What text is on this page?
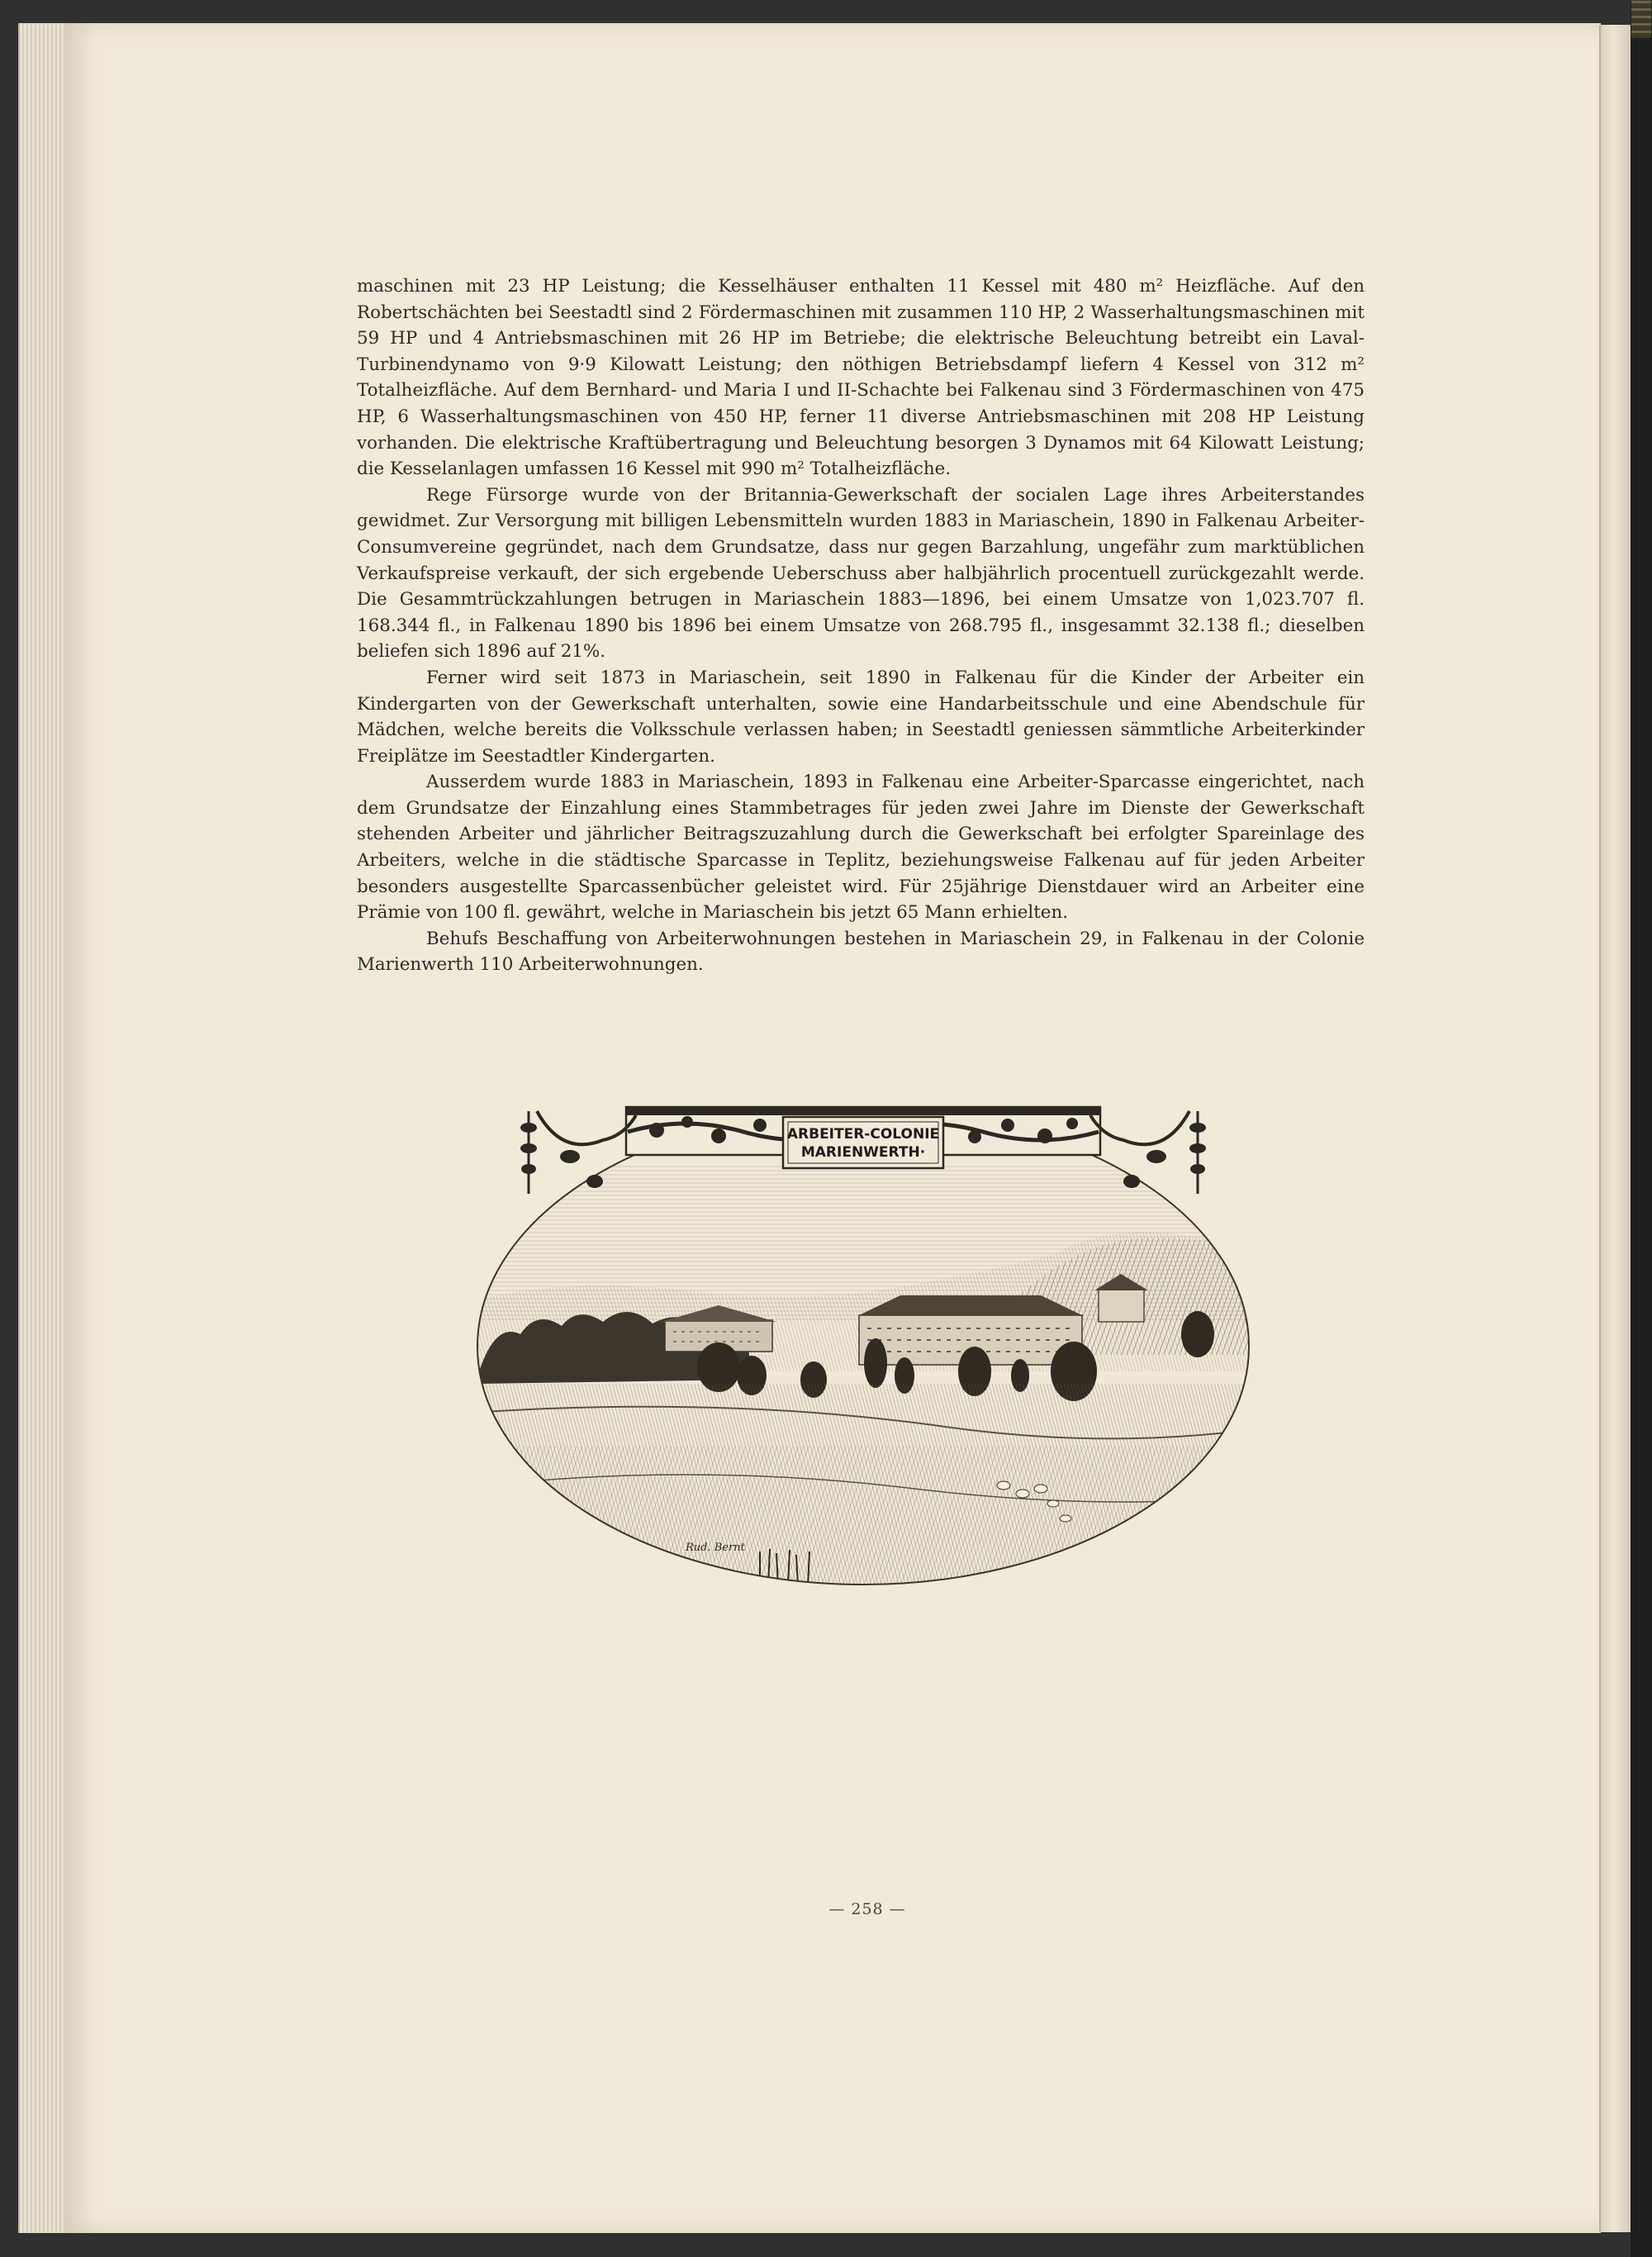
maschinen mit 23 HP Leistung; die Kesselhäuser enthalten 11 Kessel mit 480 m² Heizfläche. Auf den Robertschächten bei Seestadtl sind 2 Fördermaschinen mit zusammen 110 HP, 2 Wasserhaltungsmaschinen mit 59 HP und 4 Antriebsmaschinen mit 26 HP im Betriebe; die elektrische Beleuchtung betreibt ein Laval-Turbinendynamo von 9·9 Kilowatt Leistung; den nöthigen Betriebsdampf liefern 4 Kessel von 312 m² Totalheizfläche. Auf dem Bernhard- und Maria I und II-Schachte bei Falkenau sind 3 Fördermaschinen von 475 HP, 6 Wasserhaltungsmaschinen von 450 HP, ferner 11 diverse Antriebsmaschinen mit 208 HP Leistung vorhanden. Die elektrische Kraftübertragung und Beleuchtung besorgen 3 Dynamos mit 64 Kilowatt Leistung; die Kesselanlagen umfassen 16 Kessel mit 990 m² Totalheizfläche.

Rege Fürsorge wurde von der Britannia-Gewerkschaft der socialen Lage ihres Arbeiterstandes gewidmet. Zur Versorgung mit billigen Lebensmitteln wurden 1883 in Mariaschein, 1890 in Falkenau Arbeiter-Consumvereine gegründet, nach dem Grundsatze, dass nur gegen Barzahlung, ungefähr zum marktüblichen Verkaufspreise verkauft, der sich ergebende Ueberschuss aber halbjährlich procentuell zurückgezahlt werde. Die Gesammtrückzahlungen betrugen in Mariaschein 1883—1896, bei einem Umsatze von 1,023.707 fl. 168.344 fl., in Falkenau 1890 bis 1896 bei einem Umsatze von 268.795 fl., insgesammt 32.138 fl.; dieselben beliefen sich 1896 auf 21%.

Ferner wird seit 1873 in Mariaschein, seit 1890 in Falkenau für die Kinder der Arbeiter ein Kindergarten von der Gewerkschaft unterhalten, sowie eine Handarbeitsschule und eine Abendschule für Mädchen, welche bereits die Volksschule verlassen haben; in Seestadtl geniessen sämmtliche Arbeiterkinder Freiplätze im Seestadtler Kindergarten.

Ausserdem wurde 1883 in Mariaschein, 1893 in Falkenau eine Arbeiter-Sparcasse eingerichtet, nach dem Grundsatze der Einzahlung eines Stammbetrages für jeden zwei Jahre im Dienste der Gewerkschaft stehenden Arbeiter und jährlicher Beitragszuzahlung durch die Gewerkschaft bei erfolgter Spareinlage des Arbeiters, welche in die städtische Sparcasse in Teplitz, beziehungsweise Falkenau auf für jeden Arbeiter besonders ausgestellte Sparcassenbücher geleistet wird. Für 25jährige Dienstdauer wird an Arbeiter eine Prämie von 100 fl. gewährt, welche in Mariaschein bis jetzt 65 Mann erhielten.

Behufs Beschaffung von Arbeiterwohnungen bestehen in Mariaschein 29, in Falkenau in der Colonie Marienwerth 110 Arbeiterwohnungen.

ARBEITER-COLONIE
MARIENWERTH·
Rud. Bernt
— 258 —
